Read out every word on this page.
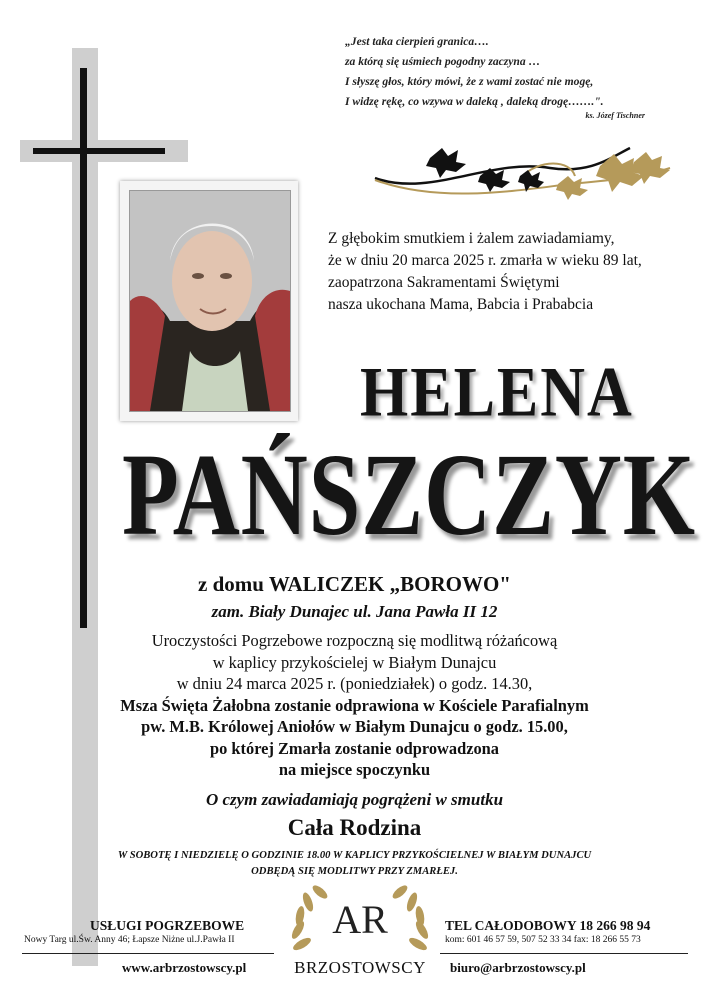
„Jest taka cierpień granica….
za którą się uśmiech pogodny zaczyna …
I słyszę głos, który mówi, że z wami zostać nie mogę,
I widzę rękę, co wzywa w daleką , daleką drogę…….".
ks. Józef Tischner
Z głębokim smutkiem i żalem zawiadamiamy,
że w dniu 20 marca 2025 r. zmarła w wieku 89 lat,
zaopatrzona Sakramentami Świętymi
nasza ukochana Mama, Babcia i Prababcia
HELENA
PAŃSZCZYK
z domu WALICZEK „BOROWO"
zam. Biały Dunajec ul. Jana Pawła II 12
Uroczystości Pogrzebowe rozpoczną się modlitwą różańcową
w kaplicy przykościelej w Białym Dunajcu
w dniu 24 marca 2025 r. (poniedziałek) o godz. 14.30,
Msza Święta Żałobna zostanie odprawiona w Kościele Parafialnym
pw. M.B. Królowej Aniołów w Białym Dunajcu o godz. 15.00,
po której Zmarła zostanie odprowadzona
na miejsce spoczynku
O czym zawiadamiają pogrążeni w smutku
Cała Rodzina
W SOBOTĘ I NIEDZIELĘ O GODZINIE 18.00 W KAPLICY PRZYKOŚCIELNEJ W BIAŁYM DUNAJCU
ODBĘDĄ SIĘ MODLITWY PRZY ZMARŁEJ.
USŁUGI POGRZEBOWE
Nowy Targ ul.Św. Anny 46; Łapsze Niżne ul.J.Pawła II
www.arbrzostowscy.pl
AR
BRZOSTOWSCY
TEL CAŁODOBOWY 18 266 98 94
kom: 601 46 57 59, 507 52 33 34 fax: 18 266 55 73
biuro@arbrzostowscy.pl
